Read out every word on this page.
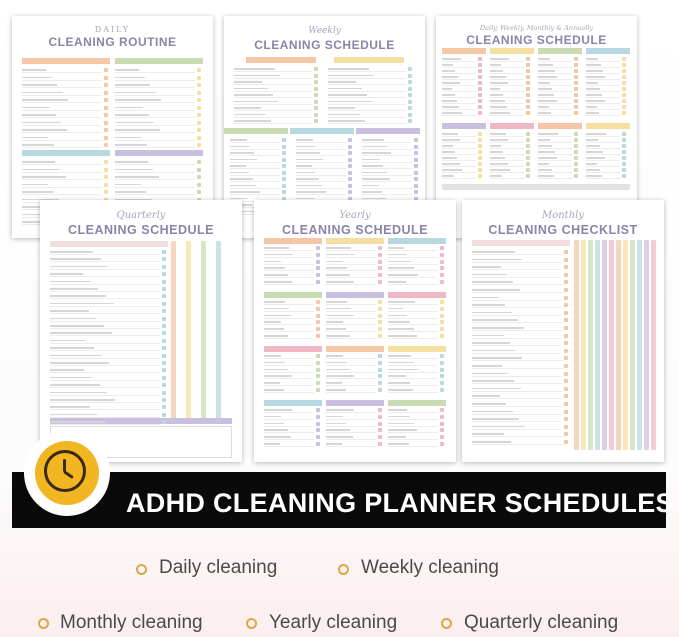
DAILY
CLEANING ROUTINE
Weekly
CLEANING SCHEDULE
Daily, Weekly, Monthly & Annually
CLEANING SCHEDULE
Quarterly
CLEANING SCHEDULE
Yearly
CLEANING SCHEDULE
Monthly
CLEANING CHECKLIST
ADHD CLEANING PLANNER SCHEDULES
Daily cleaning	Weekly cleaning
Monthly cleaning	Yearly cleaning	Quarterly cleaning
